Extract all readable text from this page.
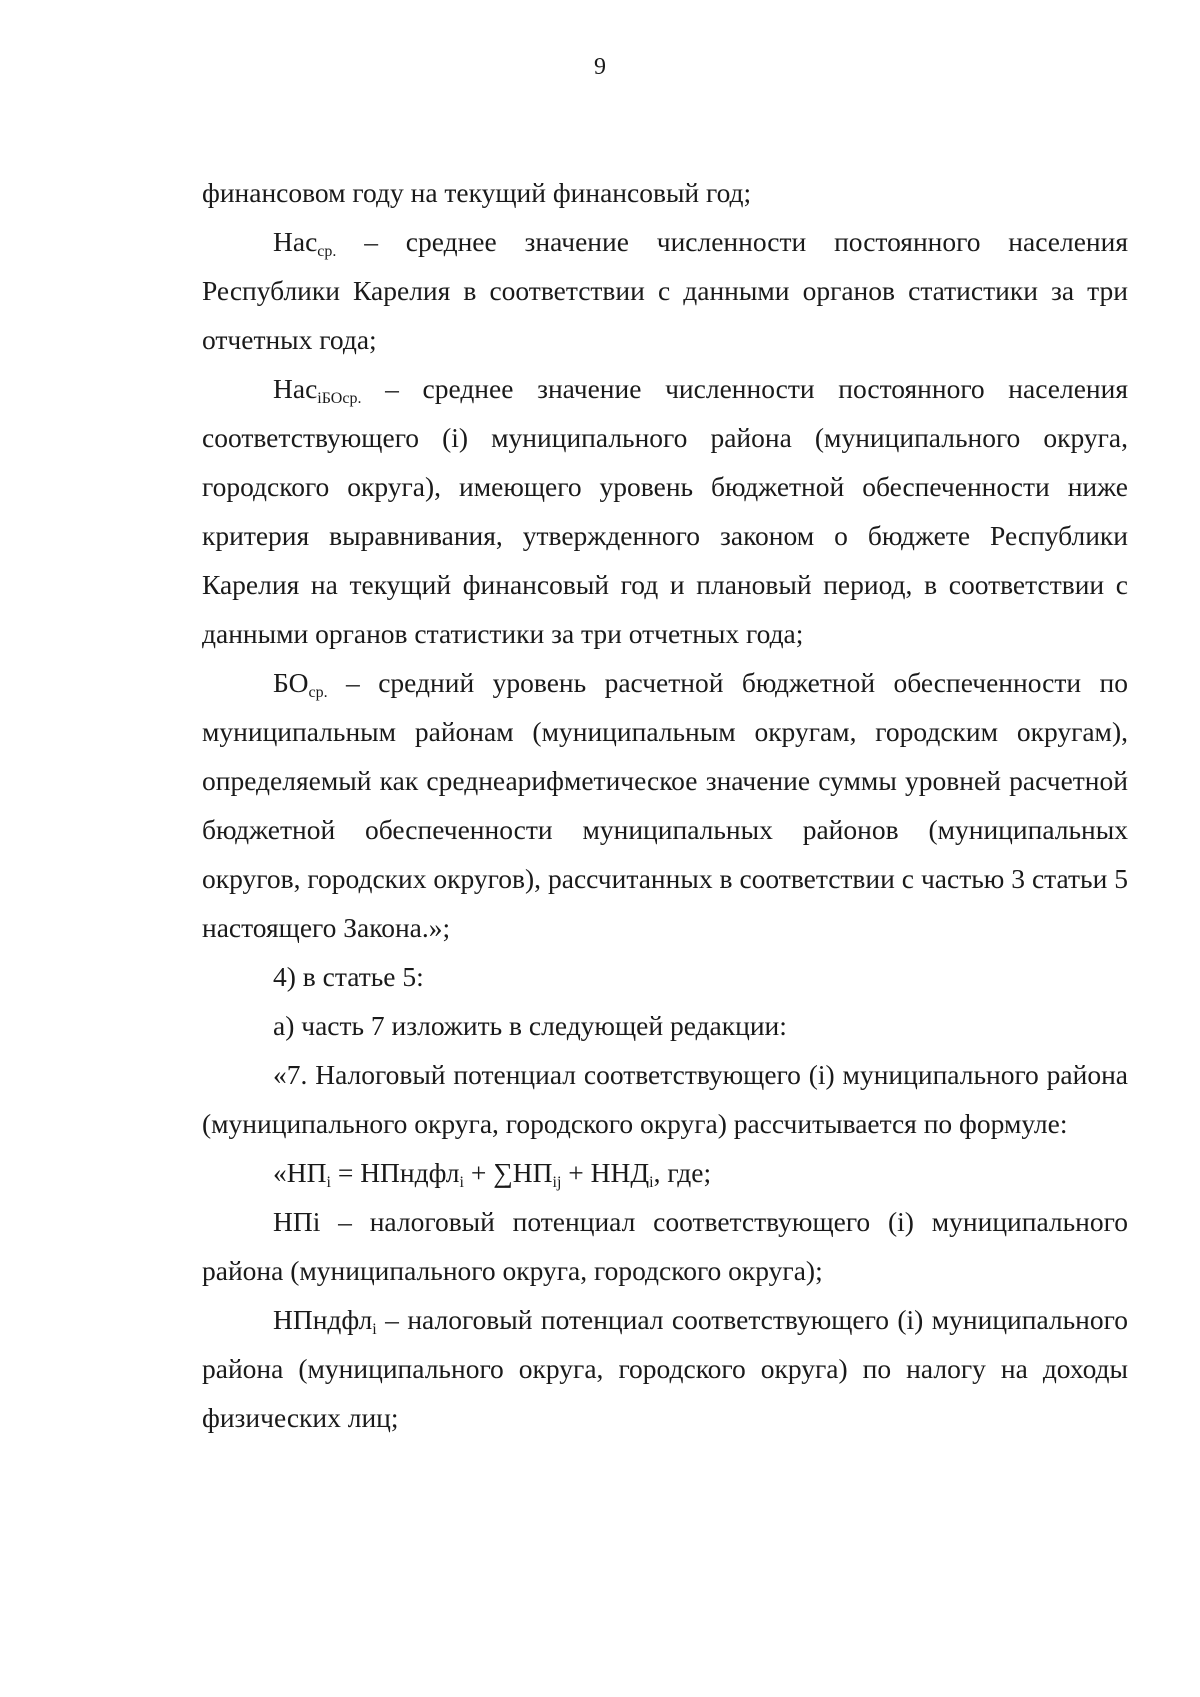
9

финансовом году на текущий финансовый год;

Нас$_{ср.}$ – среднее значение численности постоянного населения Республики Карелия в соответствии с данными органов статистики за три отчетных года;

Нас$_{iБОср.}$ – среднее значение численности постоянного населения соответствующего (i) муниципального района (муниципального округа, городского округа), имеющего уровень бюджетной обеспеченности ниже критерия выравнивания, утвержденного законом о бюджете Республики Карелия на текущий финансовый год и плановый период, в соответствии с данными органов статистики за три отчетных года;

$БО_{ср.}$ – средний уровень расчетной бюджетной обеспеченности по муниципальным районам (муниципальным округам, городским округам), определяемый как среднеарифметическое значение суммы уровней расчетной бюджетной обеспеченности муниципальных районов (муниципальных округов, городских округов), рассчитанных в соответствии с частью 3 статьи 5 настоящего Закона.»;

4) в статье 5:

а) часть 7 изложить в следующей редакции:

«7. Налоговый потенциал соответствующего (i) муниципального района (муниципального округа, городского округа) рассчитывается по формуле:

«$НП_i$ = НПндфл$_i$ + $\sum НП_{ij} + ННД_i$, где;

НПi – налоговый потенциал соответствующего (i) муниципального района (муниципального округа, городского округа);

НПндфл$_i$ – налоговый потенциал соответствующего (i) муниципального района (муниципального округа, городского округа) по налогу на доходы физических лиц;
